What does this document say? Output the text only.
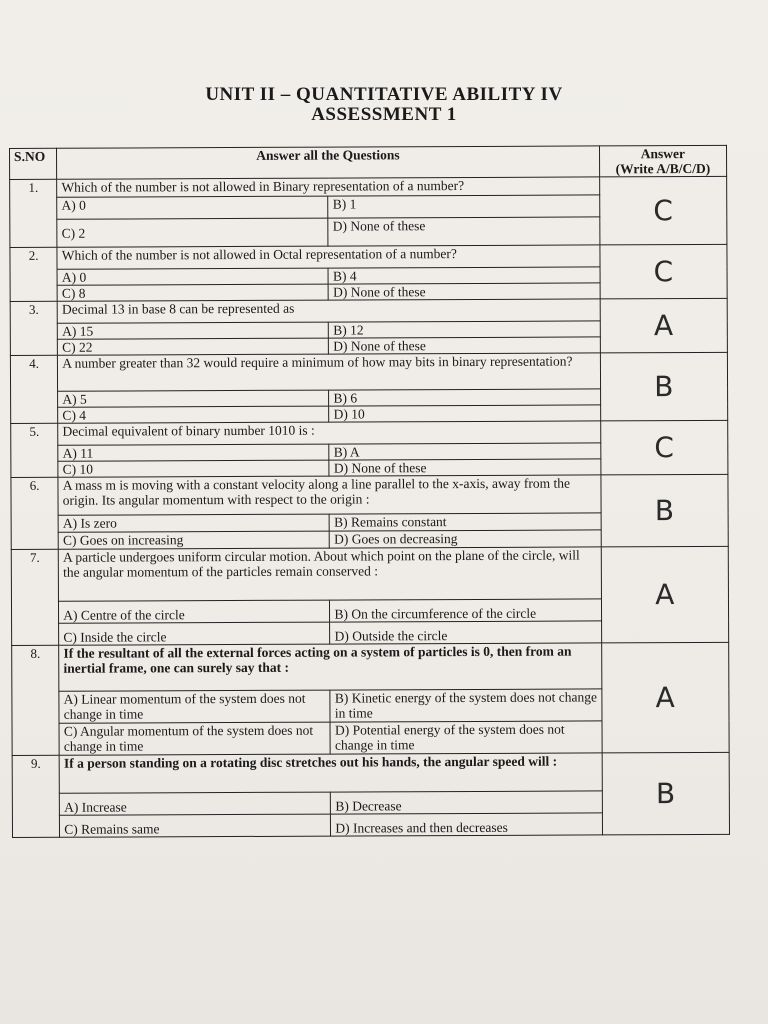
UNIT II – QUANTITATIVE ABILITY IV
ASSESSMENT 1
S.NO	Answer all the Questions		Answer
(Write A/B/C/D)

1.	Which of the number is not allowed in Binary representation of a number?		C
	A) 0	B) 1	
	C) 2	D) None of these	
2.	Which of the number is not allowed in Octal representation of a number?		C
	A) 0	B) 4	
	C) 8	D) None of these	
3.	Decimal 13 in base 8 can be represented as		A
	A) 15	B) 12	
	C) 22	D) None of these	
4.	A number greater than 32 would require a minimum of how may bits in binary representation?		B
	A) 5	B) 6	
	C) 4	D) 10	
5.	Decimal equivalent of binary number 1010 is :		C
	A) 11	B) A	
	C) 10	D) None of these	
6.	A mass m is moving with a constant velocity along a line parallel to the x-axis, away from the origin. Its angular momentum with respect to the origin :		B
	A) Is zero	B) Remains constant	
	C) Goes on increasing	D) Goes on decreasing	
7.	A particle undergoes uniform circular motion. About which point on the plane of the circle, will the angular momentum of the particles remain conserved :		A
	A) Centre of the circle	B) On the circumference of the circle	
	C) Inside the circle	D) Outside the circle	
8.	If the resultant of all the external forces acting on a system of particles is 0, then from an inertial frame, one can surely say that :		A
	A) Linear momentum of the system does not change in time	B) Kinetic energy of the system does not change in time	
	C) Angular momentum of the system does not change in time	D) Potential energy of the system does not change in time	
9.	If a person standing on a rotating disc stretches out his hands, the angular speed will :		B
	A) Increase	B) Decrease	
	C) Remains same	D) Increases and then decreases	
